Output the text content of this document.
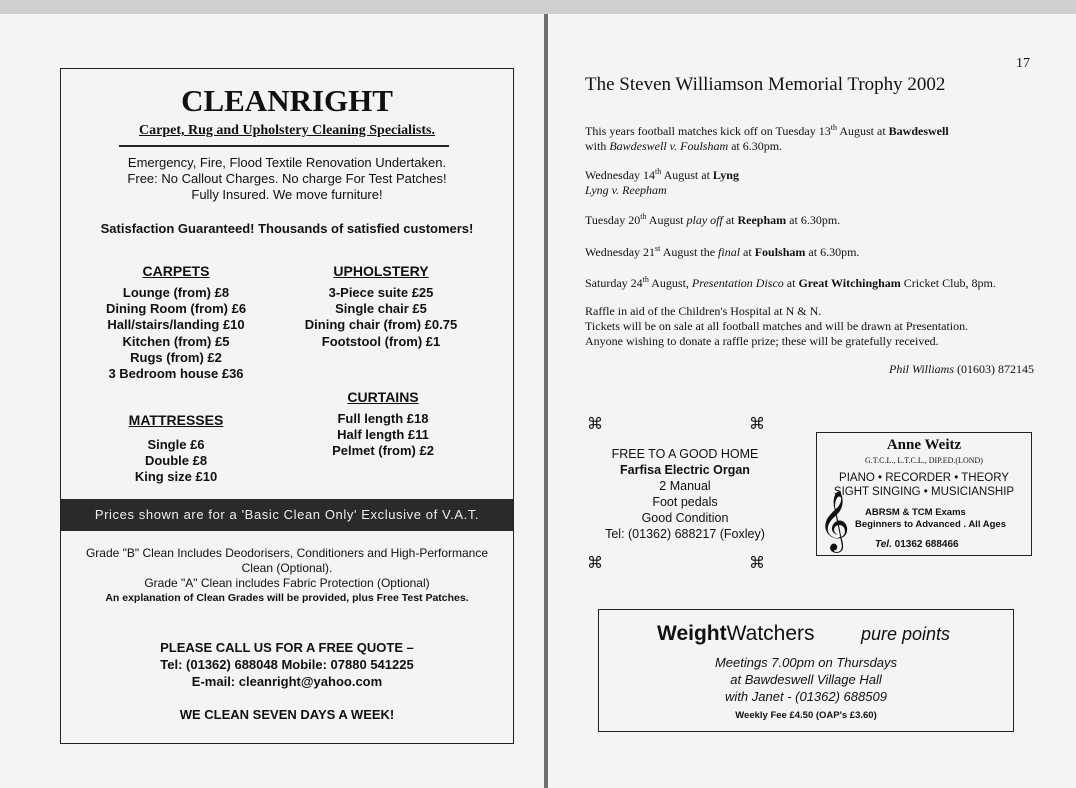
CLEANRIGHT
Carpet, Rug and Upholstery Cleaning Specialists.
Emergency, Fire, Flood Textile Renovation Undertaken.
Free: No Callout Charges. No charge For Test Patches!
Fully Insured. We move furniture!
Satisfaction Guaranteed! Thousands of satisfied customers!
CARPETS
Lounge (from) £8
Dining Room (from) £6
Hall/stairs/landing £10
Kitchen (from) £5
Rugs (from) £2
3 Bedroom house £36
UPHOLSTERY
3-Piece suite £25
Single chair £5
Dining chair (from) £0.75
Footstool (from) £1
MATTRESSES
Single £6
Double £8
King size £10
CURTAINS
Full length £18
Half length £11
Pelmet (from) £2
Prices shown are for a 'Basic Clean Only' Exclusive of V.A.T.
Grade "B" Clean Includes Deodorisers, Conditioners and High-Performance Clean (Optional).
Grade "A" Clean includes Fabric Protection (Optional)
An explanation of Clean Grades will be provided, plus Free Test Patches.
PLEASE CALL US FOR A FREE QUOTE –
Tel: (01362) 688048 Mobile: 07880 541225
E-mail: cleanright@yahoo.com
WE CLEAN SEVEN DAYS A WEEK!
17
The Steven Williamson Memorial Trophy 2002
This years football matches kick off on Tuesday 13th August at Bawdeswell
with Bawdeswell v. Foulsham at 6.30pm.
Wednesday 14th August at Lyng
Lyng v. Reepham
Tuesday 20th August play off at Reepham at 6.30pm.
Wednesday 21st August the final at Foulsham at 6.30pm.
Saturday 24th August, Presentation Disco at Great Witchingham Cricket Club, 8pm.
Raffle in aid of the Children's Hospital at N & N.
Tickets will be on sale at all football matches and will be drawn at Presentation.
Anyone wishing to donate a raffle prize; these will be gratefully received.
Phil Williams (01603) 872145
⌘	⌘
FREE TO A GOOD HOME
Farfisa Electric Organ
2 Manual
Foot pedals
Good Condition
Tel: (01362) 688217 (Foxley)
⌘	⌘
Anne Weitz
G.T.C.L., L.T.C.L., DIP.ED.(LOND)
PIANO • RECORDER • THEORY
SIGHT SINGING • MUSICIANSHIP
𝄞 ABRSM & TCM Exams
Beginners to Advanced . All Ages
Tel. 01362 688466
WeightWatchers	pure points
Meetings 7.00pm on Thursdays
at Bawdeswell Village Hall
with Janet - (01362) 688509
Weekly Fee £4.50 (OAP's £3.60)
